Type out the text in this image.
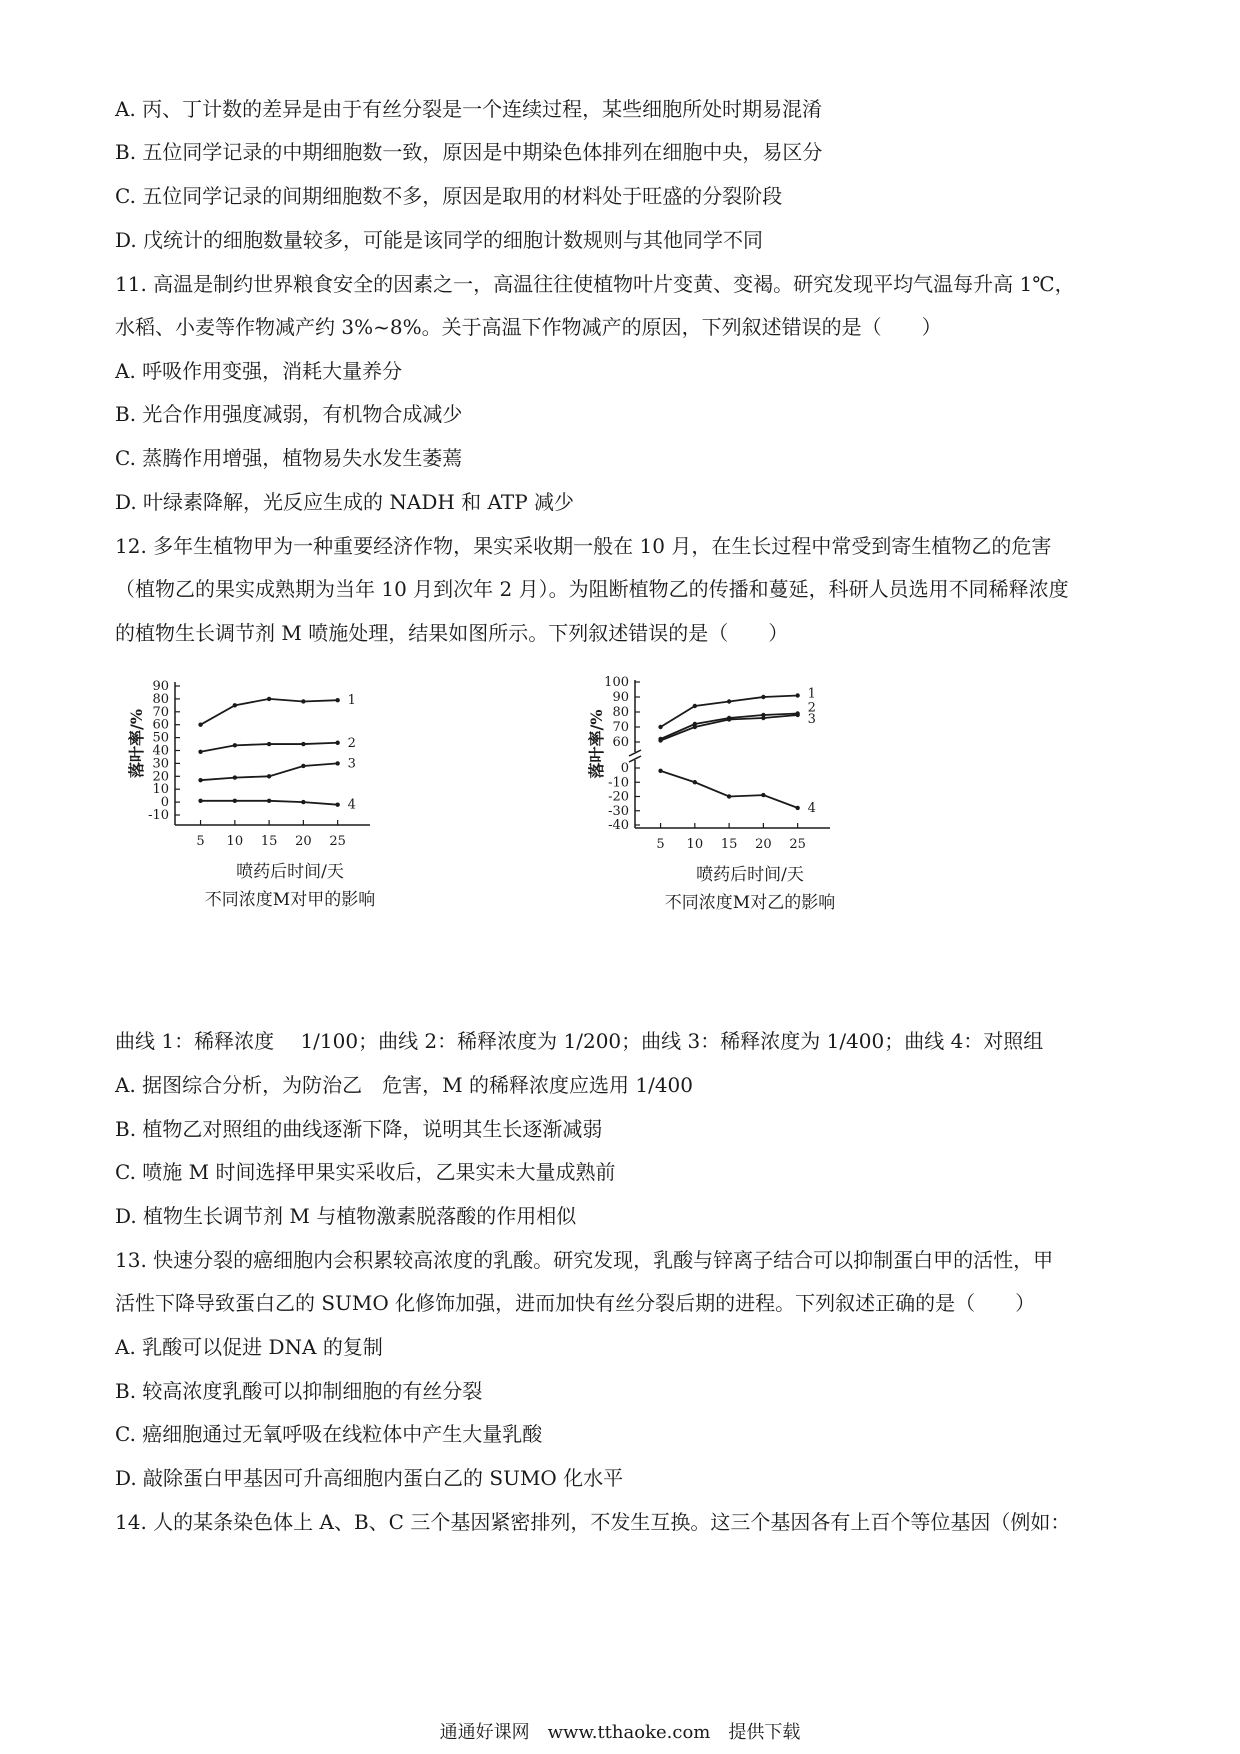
A. 丙、丁计数的差异是由于有丝分裂是一个连续过程，某些细胞所处时期易混淆
B. 五位同学记录的中期细胞数一致，原因是中期染色体排列在细胞中央，易区分
C. 五位同学记录的间期细胞数不多，原因是取用的材料处于旺盛的分裂阶段
D. 戊统计的细胞数量较多，可能是该同学的细胞计数规则与其他同学不同
11. 高温是制约世界粮食安全的因素之一，高温往往使植物叶片变黄、变褐。研究发现平均气温每升高 1℃，
水稻、小麦等作物减产约 3%~8%。关于高温下作物减产的原因，下列叙述错误的是（　　）
A. 呼吸作用变强，消耗大量养分
B. 光合作用强度减弱，有机物合成减少
C. 蒸腾作用增强，植物易失水发生萎蔫
D. 叶绿素降解，光反应生成的 NADH 和 ATP 减少
12. 多年生植物甲为一种重要经济作物，果实采收期一般在 10 月，在生长过程中常受到寄生植物乙的危害
（植物乙的果实成熟期为当年 10 月到次年 2 月）。为阻断植物乙的传播和蔓延，科研人员选用不同稀释浓度
的植物生长调节剂 M 喷施处理，结果如图所示。下列叙述错误的是（　　）
-10
0
10
20
30
40
50
60
70
80
90
5 10 15 20 25
落叶率/%
喷药后时间/天
不同浓度M对甲的影响
1
2
3
4
-40
-30
-20
-10
0
60
70
80
90
100
5 10 15 20 25
落叶率/%
喷药后时间/天
不同浓度M对乙的影响
1
2
3
4
曲线 1：稀释浓度　 1/100；曲线 2：稀释浓度为 1/200；曲线 3：稀释浓度为 1/400；曲线 4：对照组
A. 据图综合分析，为防治乙　危害，M 的稀释浓度应选用 1/400
B. 植物乙对照组的曲线逐渐下降，说明其生长逐渐减弱
C. 喷施 M 时间选择甲果实采收后，乙果实未大量成熟前
D. 植物生长调节剂 M 与植物激素脱落酸的作用相似
13. 快速分裂的癌细胞内会积累较高浓度的乳酸。研究发现，乳酸与锌离子结合可以抑制蛋白甲的活性，甲
活性下降导致蛋白乙的 SUMO 化修饰加强，进而加快有丝分裂后期的进程。下列叙述正确的是（　　）
A. 乳酸可以促进 DNA 的复制
B. 较高浓度乳酸可以抑制细胞的有丝分裂
C. 癌细胞通过无氧呼吸在线粒体中产生大量乳酸
D. 敲除蛋白甲基因可升高细胞内蛋白乙的 SUMO 化水平
14. 人的某条染色体上 A、B、C 三个基因紧密排列，不发生互换。这三个基因各有上百个等位基因（例如：
通通好课网　www.tthaoke.com　提供下载
